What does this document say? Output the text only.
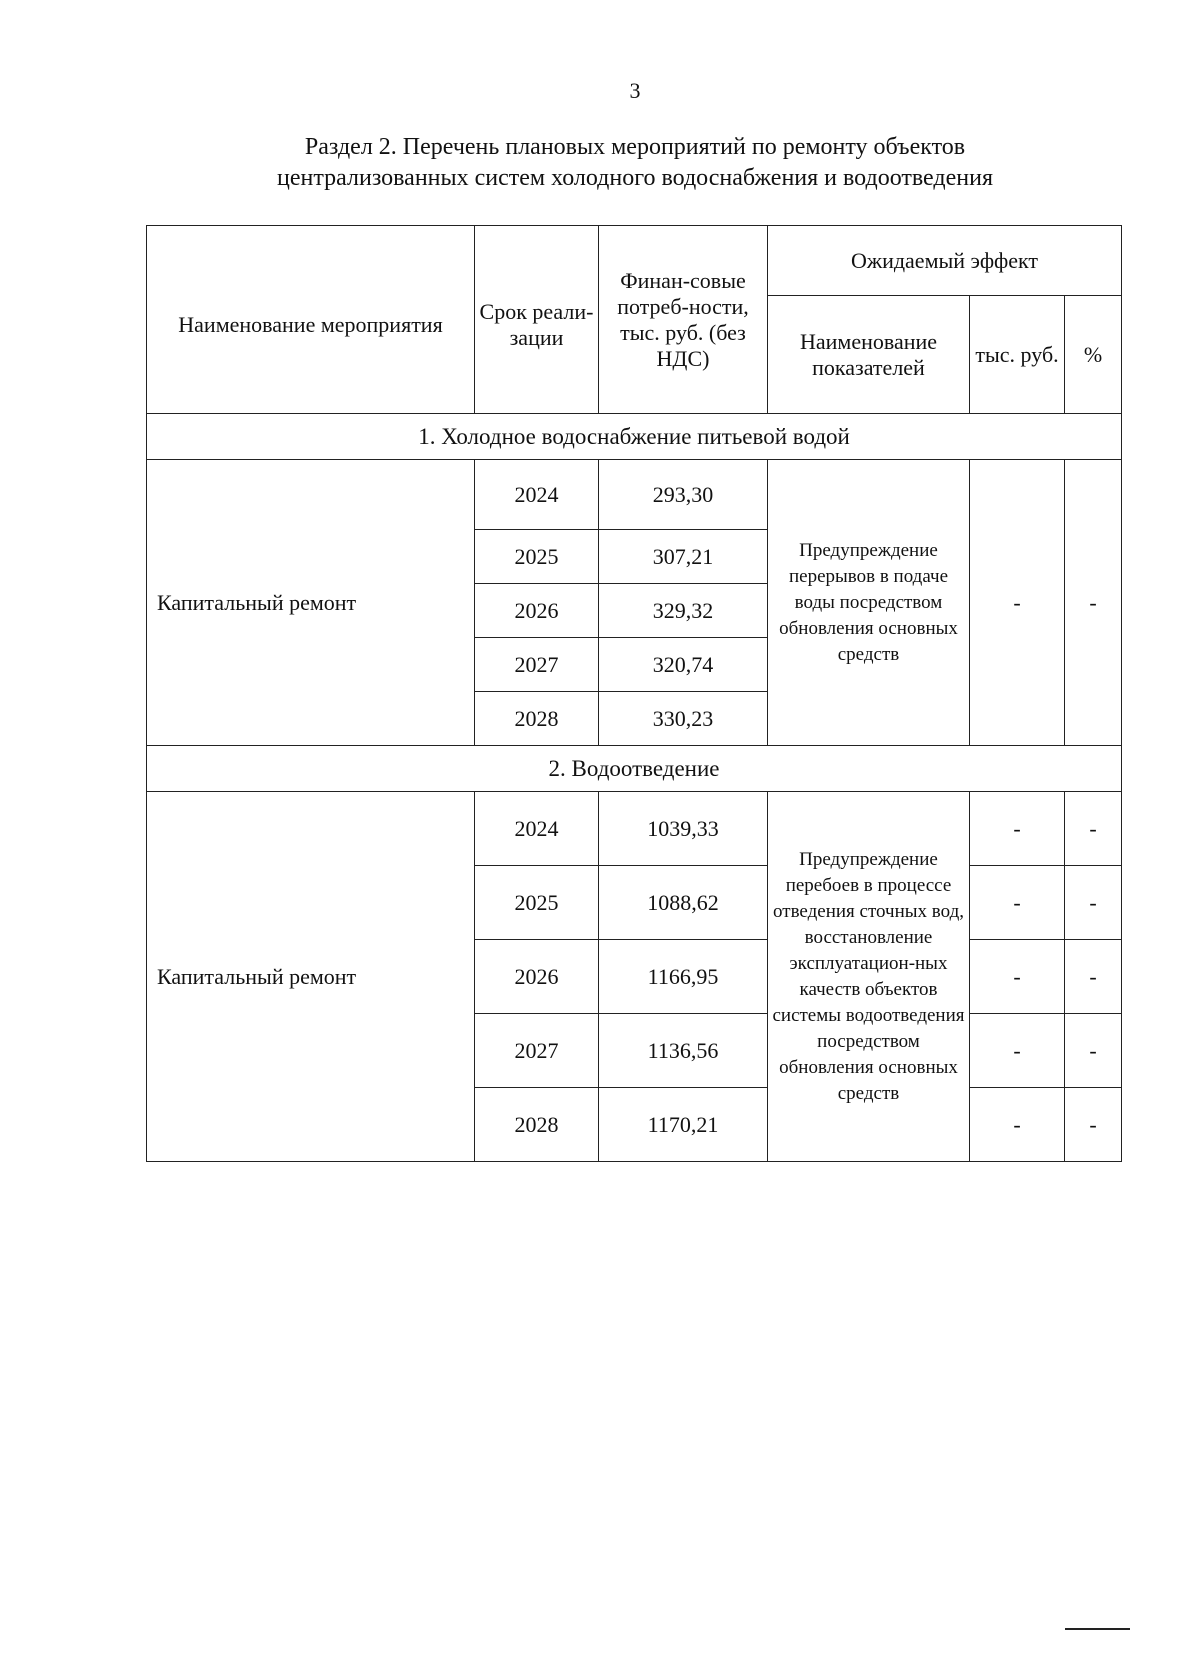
3
Раздел 2. Перечень плановых мероприятий по ремонту объектов
централизованных систем холодного водоснабжения и водоотведения
Наименование мероприятия	Срок реали-зации	Финан-совые потреб-ности, тыс. руб. (без НДС)	Ожидаемый эффект		
			Наименование показателей	тыс. руб.	%
1. Холодное водоснабжение питьевой водой					
Капитальный ремонт	2024	293,30	Предупреждение перерывов в подаче воды посредством обновления основных средств	-	-
	2025	307,21			
	2026	329,32			
	2027	320,74			
	2028	330,23			
2. Водоотведение					
Капитальный ремонт	2024	1039,33	Предупреждение перебоев в процессе отведения сточных вод, восстановление эксплуатацион-ных качеств объектов системы водоотведения посредством обновления основных средств	-	-
	2025	1088,62		-	-
	2026	1166,95		-	-
	2027	1136,56		-	-
	2028	1170,21		-	-
